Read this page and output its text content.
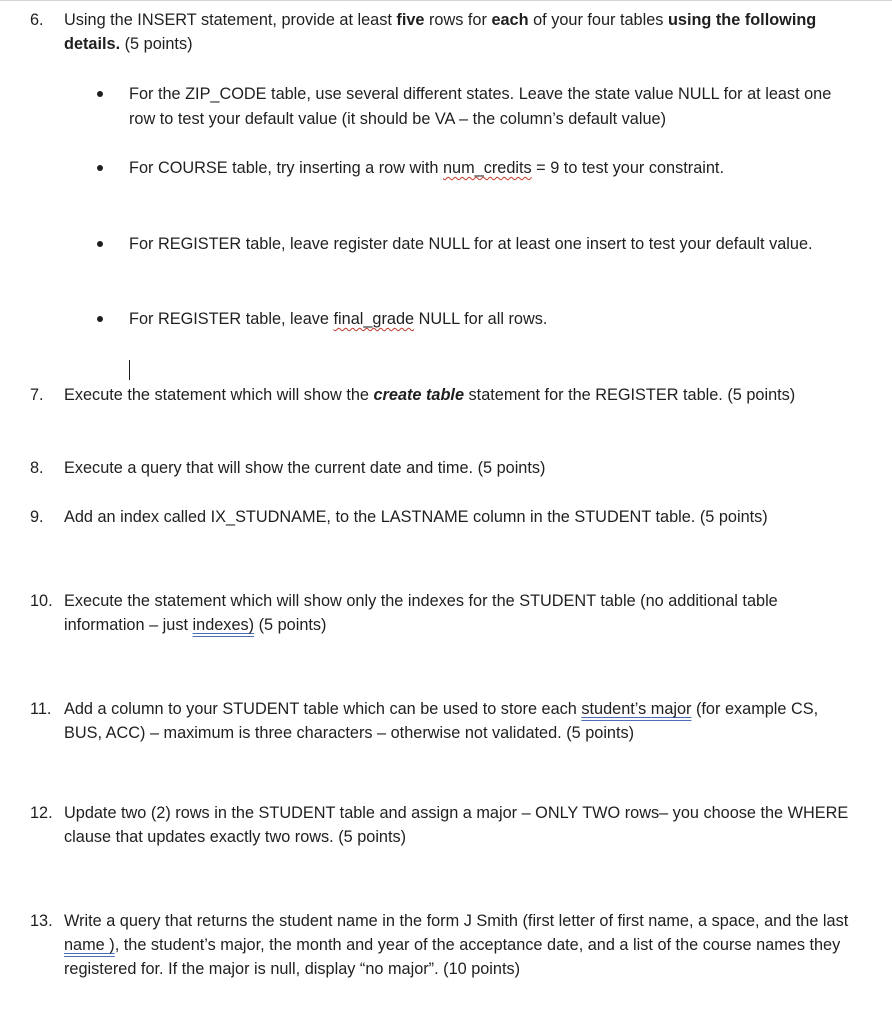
6. Using the INSERT statement, provide at least five rows for each of your four tables using the following details. (5 points)
For the ZIP_CODE table, use several different states. Leave the state value NULL for at least one row to test your default value (it should be VA – the column’s default value)
For COURSE table, try inserting a row with num_credits = 9 to test your constraint.
For REGISTER table, leave register date NULL for at least one insert to test your default value.
For REGISTER table, leave final_grade NULL for all rows.
7. Execute the statement which will show the create table statement for the REGISTER table. (5 points)
8. Execute a query that will show the current date and time. (5 points)
9. Add an index called IX_STUDNAME, to the LASTNAME column in the STUDENT table. (5 points)
10. Execute the statement which will show only the indexes for the STUDENT table (no additional table information – just indexes) (5 points)
11. Add a column to your STUDENT table which can be used to store each student’s major (for example CS, BUS, ACC) – maximum is three characters – otherwise not validated. (5 points)
12. Update two (2) rows in the STUDENT table and assign a major – ONLY TWO rows– you choose the WHERE clause that updates exactly two rows. (5 points)
13. Write a query that returns the student name in the form J Smith (first letter of first name, a space, and the last name ), the student’s major, the month and year of the acceptance date, and a list of the course names they registered for. If the major is null, display “no major”. (10 points)
